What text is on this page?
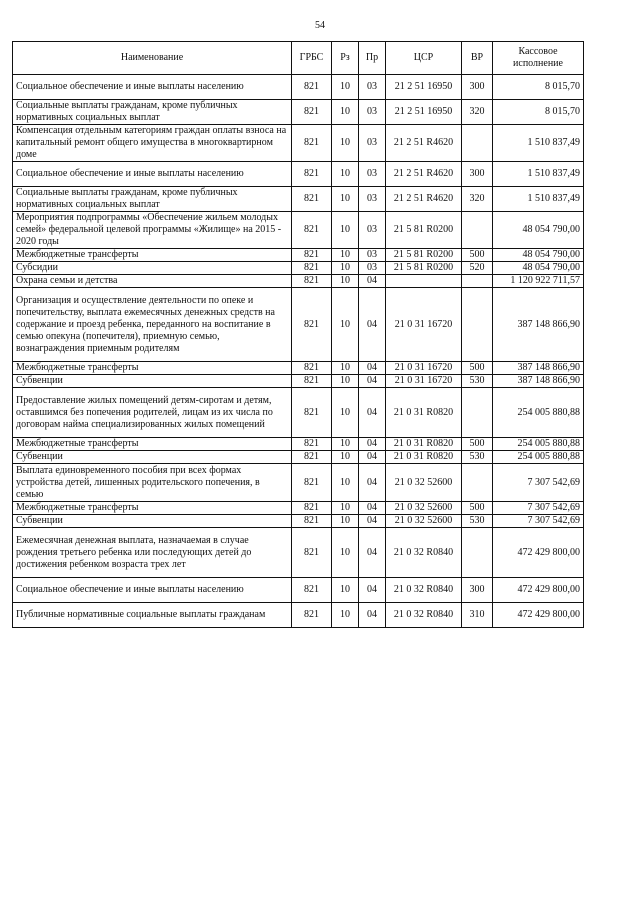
54
Наименование	ГРБС	Рз	Пр	ЦСР	ВР	Кассовое исполнение
Социальное обеспечение и иные выплаты населению	821	10	03	21 2 51 16950	300	8 015,70
Социальные выплаты гражданам, кроме публичных нормативных социальных выплат	821	10	03	21 2 51 16950	320	8 015,70
Компенсация отдельным категориям граждан оплаты взноса на капитальный ремонт общего имущества в многоквартирном доме	821	10	03	21 2 51 R4620		1 510 837,49
Социальное обеспечение и иные выплаты населению	821	10	03	21 2 51 R4620	300	1 510 837,49
Социальные выплаты гражданам, кроме публичных нормативных социальных выплат	821	10	03	21 2 51 R4620	320	1 510 837,49
Мероприятия подпрограммы «Обеспечение жильем молодых семей» федеральной целевой программы «Жилище» на 2015 - 2020 годы	821	10	03	21 5 81 R0200		48 054 790,00
Межбюджетные трансферты	821	10	03	21 5 81 R0200	500	48 054 790,00
Субсидии	821	10	03	21 5 81 R0200	520	48 054 790,00
Охрана семьи и детства	821	10	04			1 120 922 711,57
Организация и осуществление деятельности по опеке и попечительству, выплата ежемесячных денежных средств на содержание и проезд ребенка, переданного на воспитание в семью опекуна (попечителя), приемную семью, вознаграждения приемным родителям	821	10	04	21 0 31 16720		387 148 866,90
Межбюджетные трансферты	821	10	04	21 0 31 16720	500	387 148 866,90
Субвенции	821	10	04	21 0 31 16720	530	387 148 866,90
Предоставление жилых помещений детям-сиротам и детям, оставшимся без попечения родителей, лицам из их числа по договорам найма специализированных жилых помещений	821	10	04	21 0 31 R0820		254 005 880,88
Межбюджетные трансферты	821	10	04	21 0 31 R0820	500	254 005 880,88
Субвенции	821	10	04	21 0 31 R0820	530	254 005 880,88
Выплата единовременного пособия при всех формах устройства детей, лишенных родительского попечения, в семью	821	10	04	21 0 32 52600		7 307 542,69
Межбюджетные трансферты	821	10	04	21 0 32 52600	500	7 307 542,69
Субвенции	821	10	04	21 0 32 52600	530	7 307 542,69
Ежемесячная денежная выплата, назначаемая в случае рождения третьего ребенка или последующих детей до достижения ребенком возраста трех лет	821	10	04	21 0 32 R0840		472 429 800,00
Социальное обеспечение и иные выплаты населению	821	10	04	21 0 32 R0840	300	472 429 800,00
Публичные нормативные социальные выплаты гражданам	821	10	04	21 0 32 R0840	310	472 429 800,00
